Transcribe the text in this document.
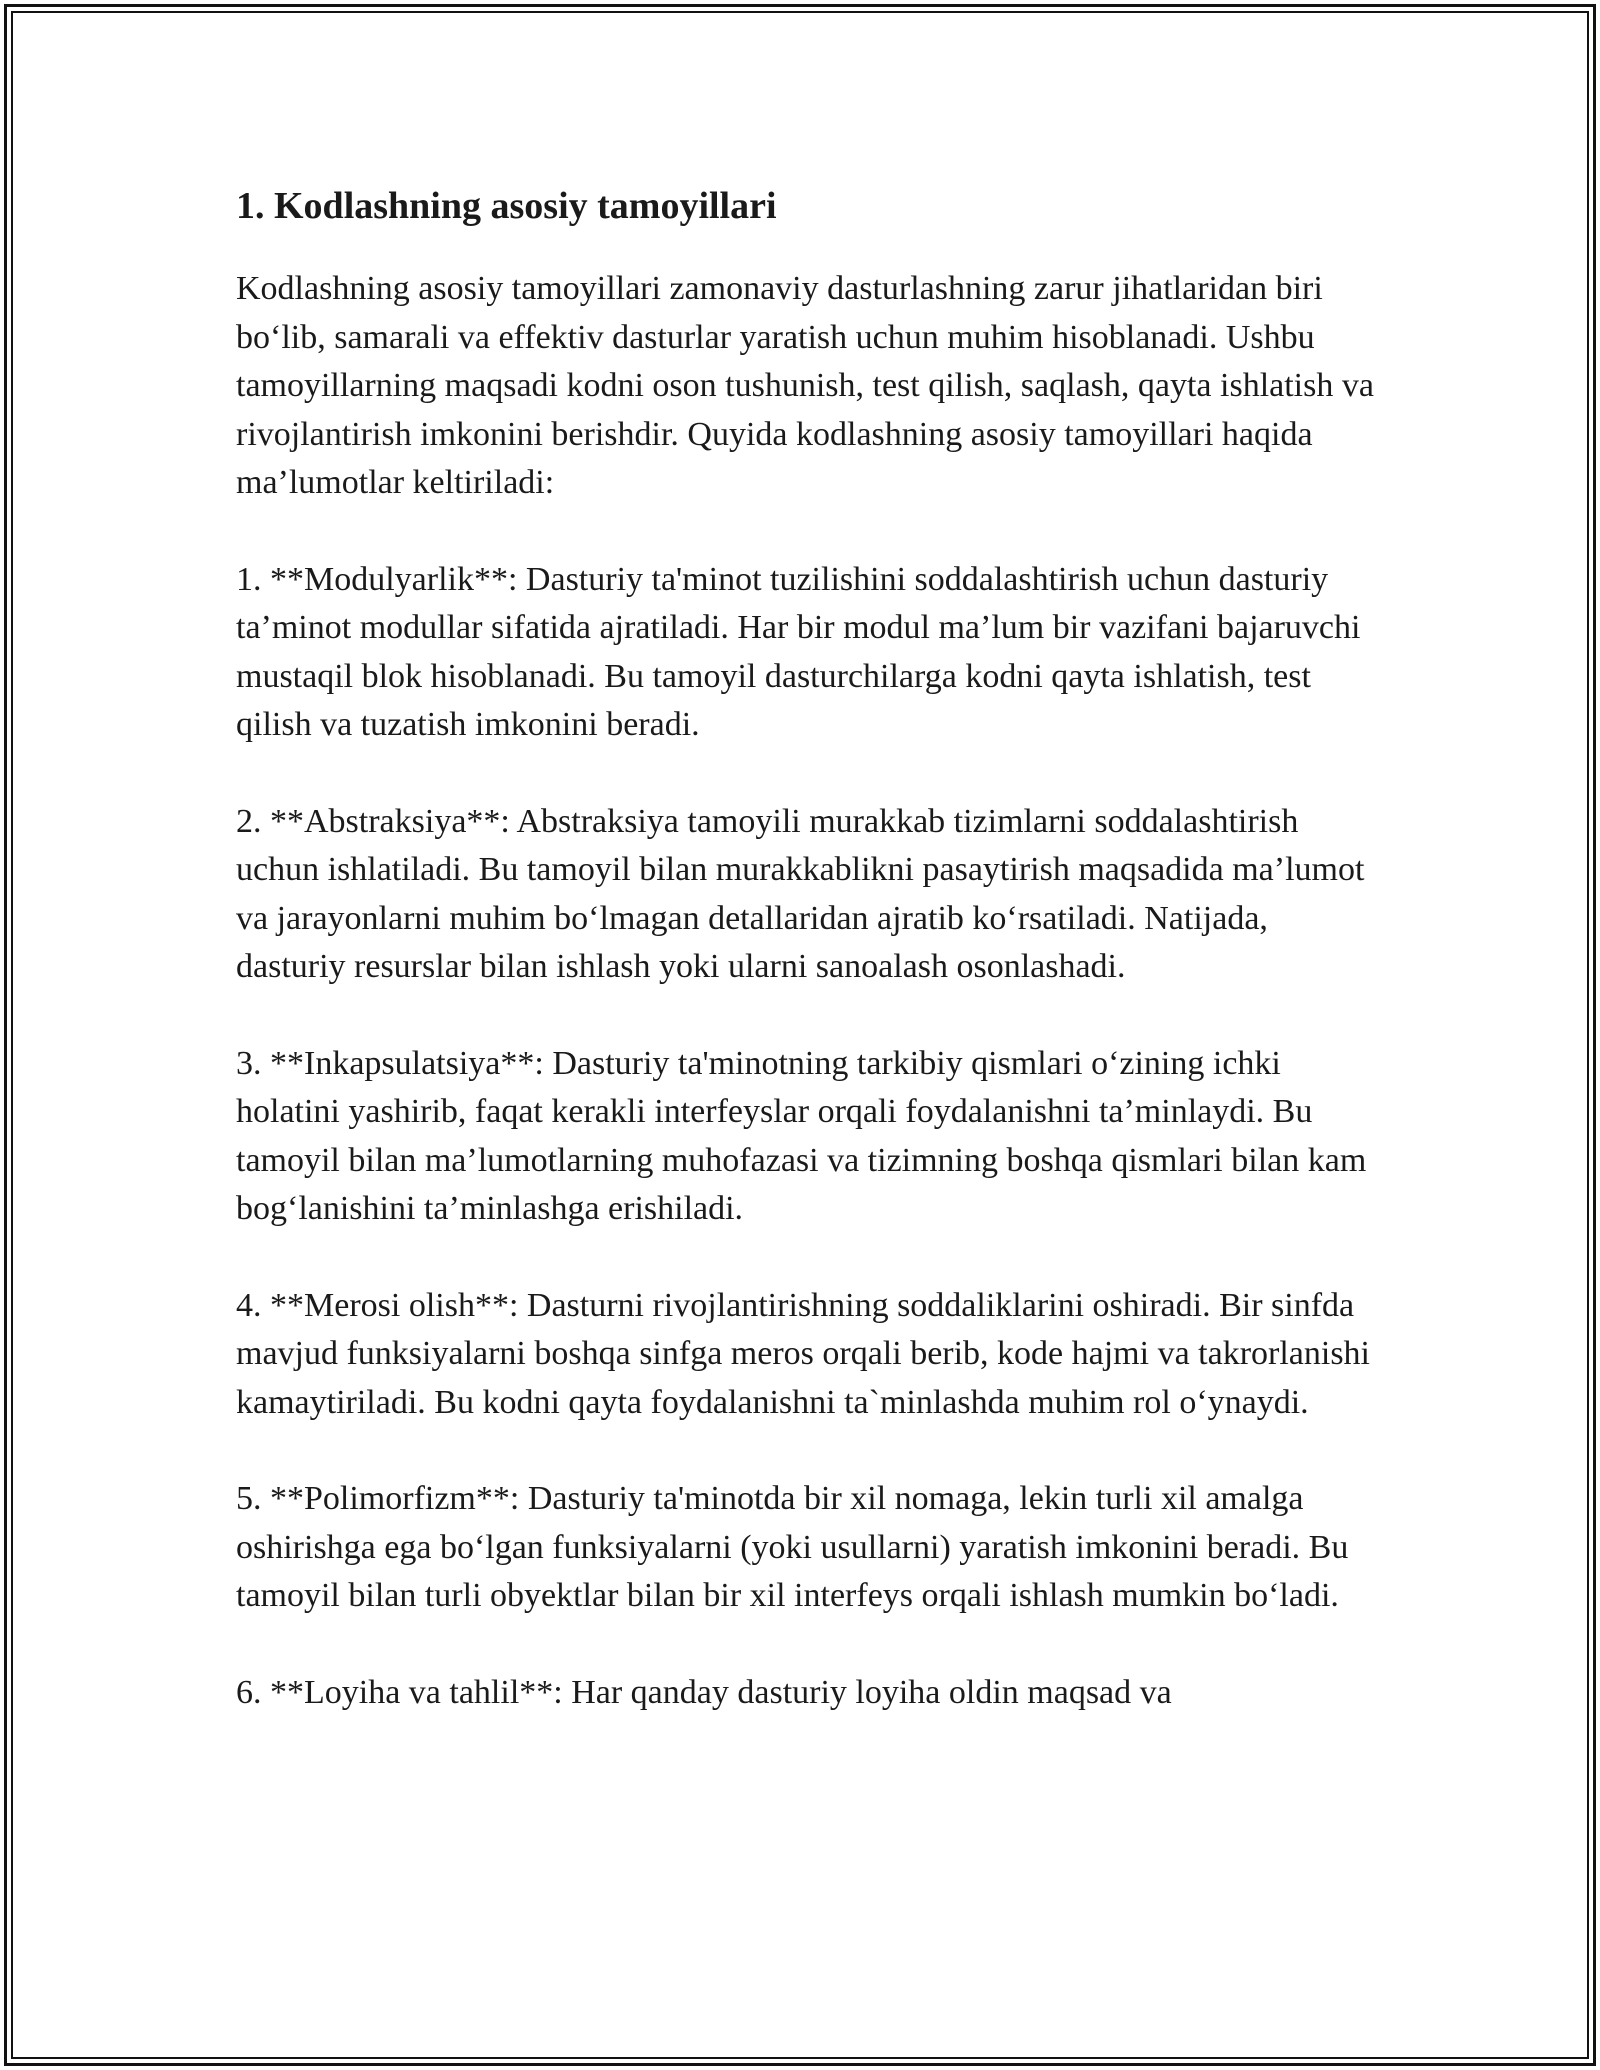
1. Kodlashning asosiy tamoyillari

Kodlashning asosiy tamoyillari zamonaviy dasturlashning zarur jihatlaridan biri bo‘lib, samarali va effektiv dasturlar yaratish uchun muhim hisoblanadi. Ushbu tamoyillarning maqsadi kodni oson tushunish, test qilish, saqlash, qayta ishlatish va rivojlantirish imkonini berishdir. Quyida kodlashning asosiy tamoyillari haqida ma’lumotlar keltiriladi:

1. **Modulyarlik**: Dasturiy ta'minot tuzilishini soddalashtirish uchun dasturiy ta’minot modullar sifatida ajratiladi. Har bir modul ma’lum bir vazifani bajaruvchi mustaqil blok hisoblanadi. Bu tamoyil dasturchilarga kodni qayta ishlatish, test qilish va tuzatish imkonini beradi.

2. **Abstraksiya**: Abstraksiya tamoyili murakkab tizimlarni soddalashtirish uchun ishlatiladi. Bu tamoyil bilan murakkablikni pasaytirish maqsadida ma’lumot va jarayonlarni muhim bo‘lmagan detallaridan ajratib ko‘rsatiladi. Natijada, dasturiy resurslar bilan ishlash yoki ularni sanoalash osonlashadi.

3. **Inkapsulatsiya**: Dasturiy ta'minotning tarkibiy qismlari o‘zining ichki holatini yashirib, faqat kerakli interfeyslar orqali foydalanishni ta’minlaydi. Bu tamoyil bilan ma’lumotlarning muhofazasi va tizimning boshqa qismlari bilan kam bog‘lanishini ta’minlashga erishiladi.

4. **Merosi olish**: Dasturni rivojlantirishning soddaliklarini oshiradi. Bir sinfda mavjud funksiyalarni boshqa sinfga meros orqali berib, kode hajmi va takrorlanishi kamaytiriladi. Bu kodni qayta foydalanishni ta`minlashda muhim rol o‘ynaydi.

5. **Polimorfizm**: Dasturiy ta'minotda bir xil nomaga, lekin turli xil amalga oshirishga ega bo‘lgan funksiyalarni (yoki usullarni) yaratish imkonini beradi. Bu tamoyil bilan turli obyektlar bilan bir xil interfeys orqali ishlash mumkin bo‘ladi.

6. **Loyiha va tahlil**: Har qanday dasturiy loyiha oldin maqsad va
